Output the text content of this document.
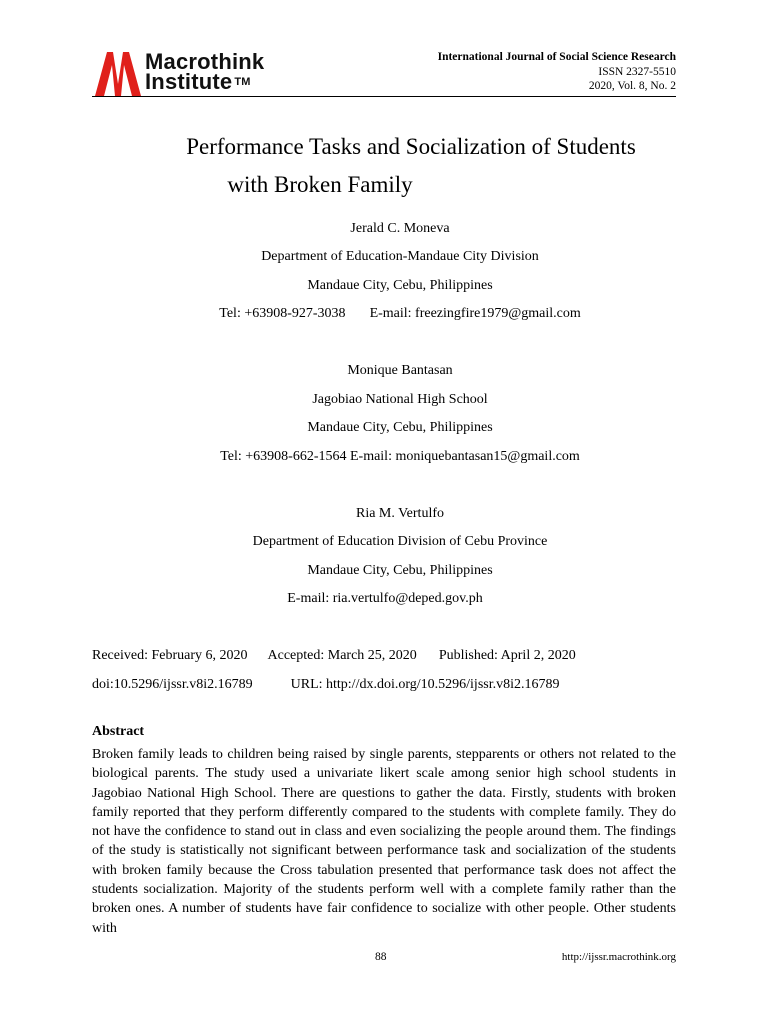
Macrothink
Institute ™
International Journal of Social Science Research
ISSN 2327-5510
2020, Vol. 8, No. 2
Performance Tasks and Socialization of Students
with Broken Family
Jerald C. Moneva
Department of Education-Mandaue City Division
Mandaue City, Cebu, Philippines
Tel: +63908-927-3038 E-mail: freezingfire1979@gmail.com
Monique Bantasan
Jagobiao National High School
Mandaue City, Cebu, Philippines
Tel: +63908-662-1564 E-mail: moniquebantasan15@gmail.com
Ria M. Vertulfo
Department of Education Division of Cebu Province
Mandaue City, Cebu, Philippines
E-mail: ria.vertulfo@deped.gov.ph
Received: February 6, 2020 Accepted: March 25, 2020 Published: April 2, 2020
doi:10.5296/ijssr.v8i2.16789	URL: http://dx.doi.org/10.5296/ijssr.v8i2.16789
Abstract
Broken family leads to children being raised by single parents, stepparents or others not related to the biological parents. The study used a univariate likert scale among senior high school students in Jagobiao National High School. There are questions to gather the data. Firstly, students with broken family reported that they perform differently compared to the students with complete family. They do not have the confidence to stand out in class and even socializing the people around them. The findings of the study is statistically not significant between performance task and socialization of the students with broken family because the Cross tabulation presented that performance task does not affect the students socialization. Majority of the students perform well with a complete family rather than the broken ones. A number of students have fair confidence to socialize with other people. Other students with
88	http://ijssr.macrothink.org
